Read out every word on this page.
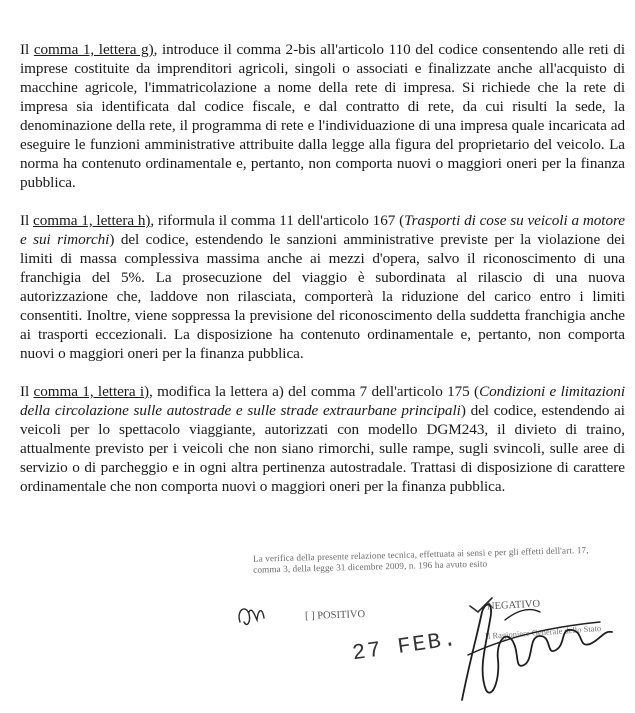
Il comma 1, lettera g), introduce il comma 2-bis all'articolo 110 del codice consentendo alle reti di imprese costituite da imprenditori agricoli, singoli o associati e finalizzate anche all'acquisto di macchine agricole, l'immatricolazione a nome della rete di impresa. Si richiede che la rete di impresa sia identificata dal codice fiscale, e dal contratto di rete, da cui risulti la sede, la denominazione della rete, il programma di rete e l'individuazione di una impresa quale incaricata ad eseguire le funzioni amministrative attribuite dalla legge alla figura del proprietario del veicolo. La norma ha contenuto ordinamentale e, pertanto, non comporta nuovi o maggiori oneri per la finanza pubblica.

Il comma 1, lettera h), riformula il comma 11 dell'articolo 167 (Trasporti di cose su veicoli a motore e sui rimorchi) del codice, estendendo le sanzioni amministrative previste per la violazione dei limiti di massa complessiva massima anche ai mezzi d'opera, salvo il riconoscimento di una franchigia del 5%. La prosecuzione del viaggio è subordinata al rilascio di una nuova autorizzazione che, laddove non rilasciata, comporterà la riduzione del carico entro i limiti consentiti. Inoltre, viene soppressa la previsione del riconoscimento della suddetta franchigia anche ai trasporti eccezionali. La disposizione ha contenuto ordinamentale e, pertanto, non comporta nuovi o maggiori oneri per la finanza pubblica.

Il comma 1, lettera i), modifica la lettera a) del comma 7 dell'articolo 175 (Condizioni e limitazioni della circolazione sulle autostrade e sulle strade extraurbane principali) del codice, estendendo ai veicoli per lo spettacolo viaggiante, autorizzati con modello DGM243, il divieto di traino, attualmente previsto per i veicoli che non siano rimorchi, sulle rampe, sugli svincoli, sulle aree di servizio o di parcheggio e in ogni altra pertinenza autostradale. Trattasi di disposizione di carattere ordinamentale che non comporta nuovi o maggiori oneri per la finanza pubblica.

La verifica della presente relazione tecnica, effettuata ai sensi e per gli effetti dell'art. 17, comma 3, della legge 31 dicembre 2009, n. 196 ha avuto esito
[ ] POSITIVO
NEGATIVO
27 FEB.	Il Ragioniere Generale dello Stato
